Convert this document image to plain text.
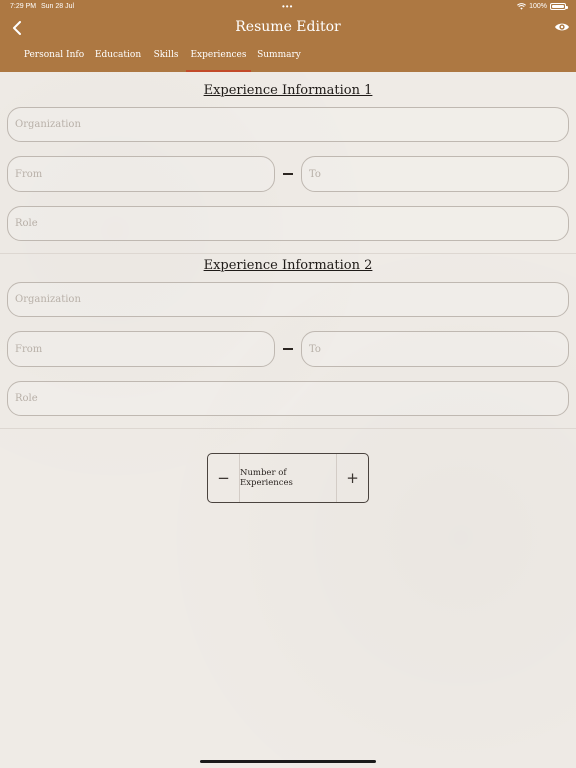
7:29 PM Sun 28 Jul	•••	100%
Resume Editor
Personal Info	Education	Skills	Experiences	Summary
Experience Information 1
Organization
From	To
Role
Experience Information 2
Organization
From	To
Role
−	Number of Experiences	+
